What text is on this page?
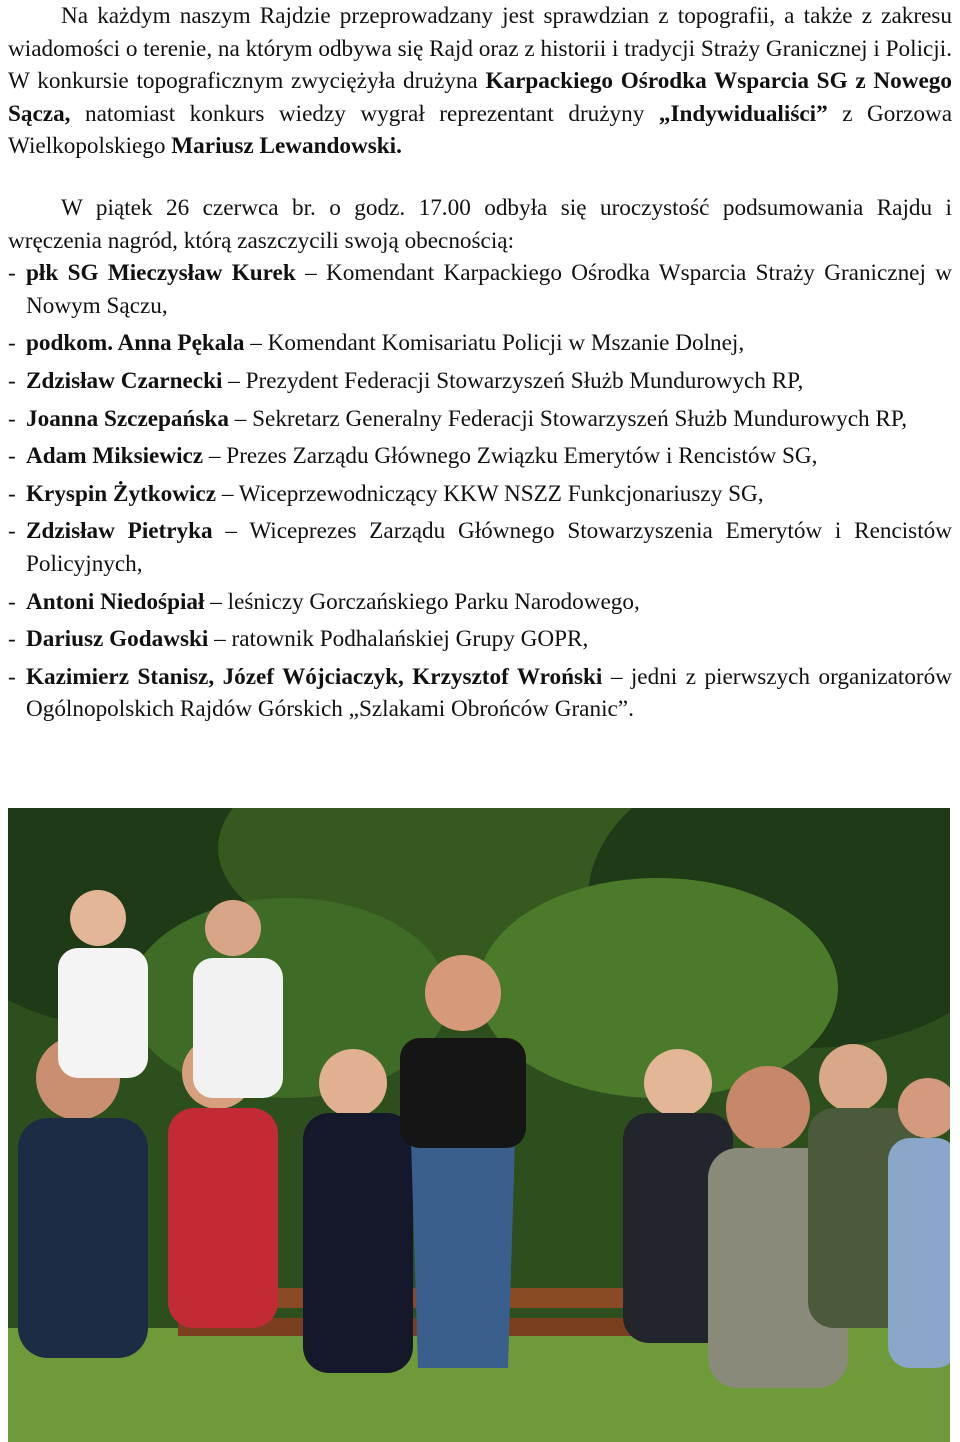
Na każdym naszym Rajdzie przeprowadzany jest sprawdzian z topografii, a także z zakresu wiadomości o terenie, na którym odbywa się Rajd oraz z historii i tradycji Straży Granicznej i Policji. W konkursie topograficznym zwyciężyła drużyna Karpackiego Ośrodka Wsparcia SG z Nowego Sącza, natomiast konkurs wiedzy wygrał reprezentant drużyny „Indywidualiści” z Gorzowa Wielkopolskiego Mariusz Lewandowski.

W piątek 26 czerwca br. o godz. 17.00 odbyła się uroczystość podsumowania Rajdu i wręczenia nagród, którą zaszczycili swoją obecnością:

- płk SG Mieczysław Kurek – Komendant Karpackiego Ośrodka Wsparcia Straży Granicznej w Nowym Sączu,
- podkom. Anna Pękala – Komendant Komisariatu Policji w Mszanie Dolnej,
- Zdzisław Czarnecki – Prezydent Federacji Stowarzyszeń Służb Mundurowych RP,
- Joanna Szczepańska – Sekretarz Generalny Federacji Stowarzyszeń Służb Mundurowych RP,
- Adam Miksiewicz – Prezes Zarządu Głównego Związku Emerytów i Rencistów SG,
- Kryspin Żytkowicz – Wiceprzewodniczący KKW NSZZ Funkcjonariuszy SG,
- Zdzisław Pietryka – Wiceprezes Zarządu Głównego Stowarzyszenia Emerytów i Rencistów Policyjnych,
- Antoni Niedośpiał – leśniczy Gorczańskiego Parku Narodowego,
- Dariusz Godawski – ratownik Podhalańskiej Grupy GOPR,
- Kazimierz Stanisz, Józef Wójciaczyk, Krzysztof Wroński – jedni z pierwszych organizatorów Ogólnopolskich Rajdów Górskich „Szlakami Obrońców Granic”.
